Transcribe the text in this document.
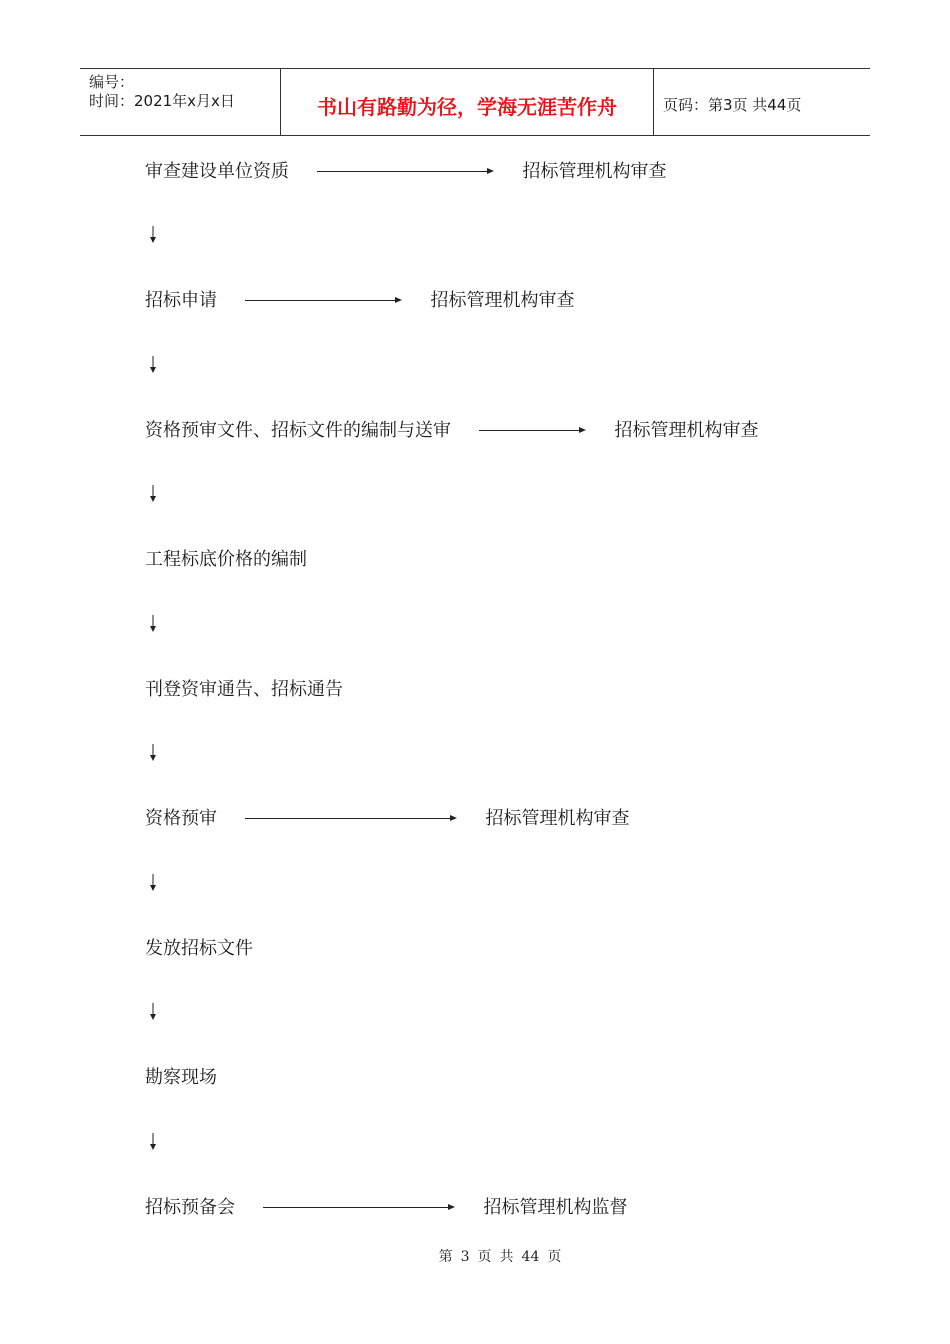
编号：
时间：2021年x月x日	书山有路勤为径，学海无涯苦作舟	页码：第3页 共44页
审查建设单位资质	招标管理机构审查
招标申请	招标管理机构审查
资格预审文件、招标文件的编制与送审	招标管理机构审查
工程标底价格的编制
刊登资审通告、招标通告
资格预审	招标管理机构审查
发放招标文件
勘察现场
招标预备会	招标管理机构监督
第 3 页 共 44 页
